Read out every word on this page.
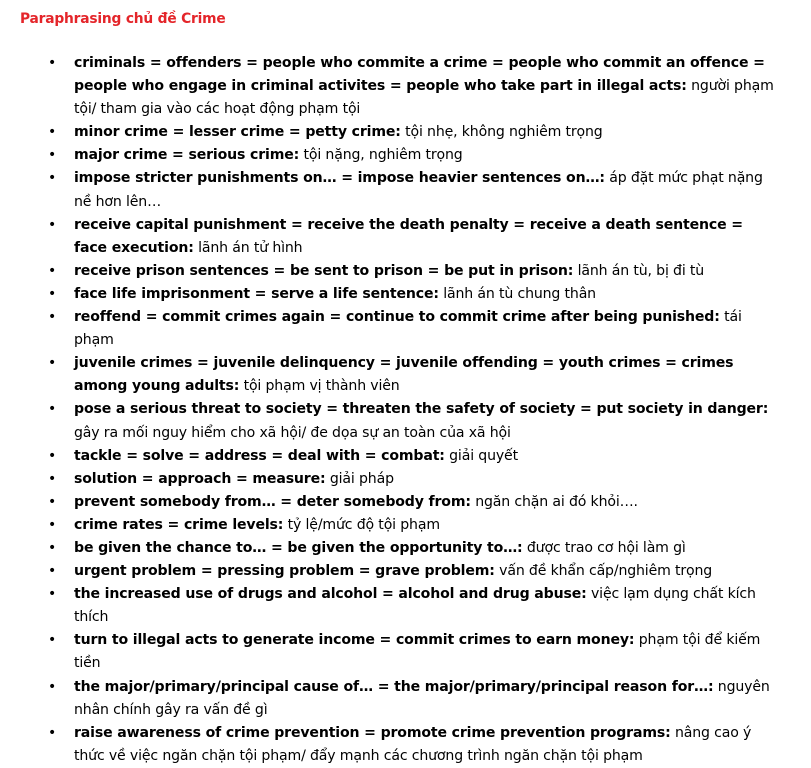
Paraphrasing chủ đề Crime
• criminals = offenders = people who commite a crime = people who commit an offence = people who engage in criminal activites = people who take part in illegal acts: người phạm tội/ tham gia vào các hoạt động phạm tội
• minor crime = lesser crime = petty crime: tội nhẹ, không nghiêm trọng
• major crime = serious crime: tội nặng, nghiêm trọng
• impose stricter punishments on… = impose heavier sentences on…: áp đặt mức phạt nặng nề hơn lên…
• receive capital punishment = receive the death penalty = receive a death sentence = face execution: lãnh án tử hình
• receive prison sentences = be sent to prison = be put in prison: lãnh án tù, bị đi tù
• face life imprisonment = serve a life sentence: lãnh án tù chung thân
• reoffend = commit crimes again = continue to commit crime after being punished: tái phạm
• juvenile crimes = juvenile delinquency = juvenile offending = youth crimes = crimes among young adults: tội phạm vị thành viên
• pose a serious threat to society = threaten the safety of society = put society in danger: gây ra mối nguy hiểm cho xã hội/ đe dọa sự an toàn của xã hội
• tackle = solve = address = deal with = combat: giải quyết
• solution = approach = measure: giải pháp
• prevent somebody from… = deter somebody from: ngăn chặn ai đó khỏi….
• crime rates = crime levels: tỷ lệ/mức độ tội phạm
• be given the chance to… = be given the opportunity to…: được trao cơ hội làm gì
• urgent problem = pressing problem = grave problem: vấn đề khẩn cấp/nghiêm trọng
• the increased use of drugs and alcohol = alcohol and drug abuse: việc lạm dụng chất kích thích
• turn to illegal acts to generate income = commit crimes to earn money: phạm tội để kiếm tiền
• the major/primary/principal cause of… = the major/primary/principal reason for…: nguyên nhân chính gây ra vấn đề gì
• raise awareness of crime prevention = promote crime prevention programs: nâng cao ý thức về việc ngăn chặn tội phạm/ đẩy mạnh các chương trình ngăn chặn tội phạm
